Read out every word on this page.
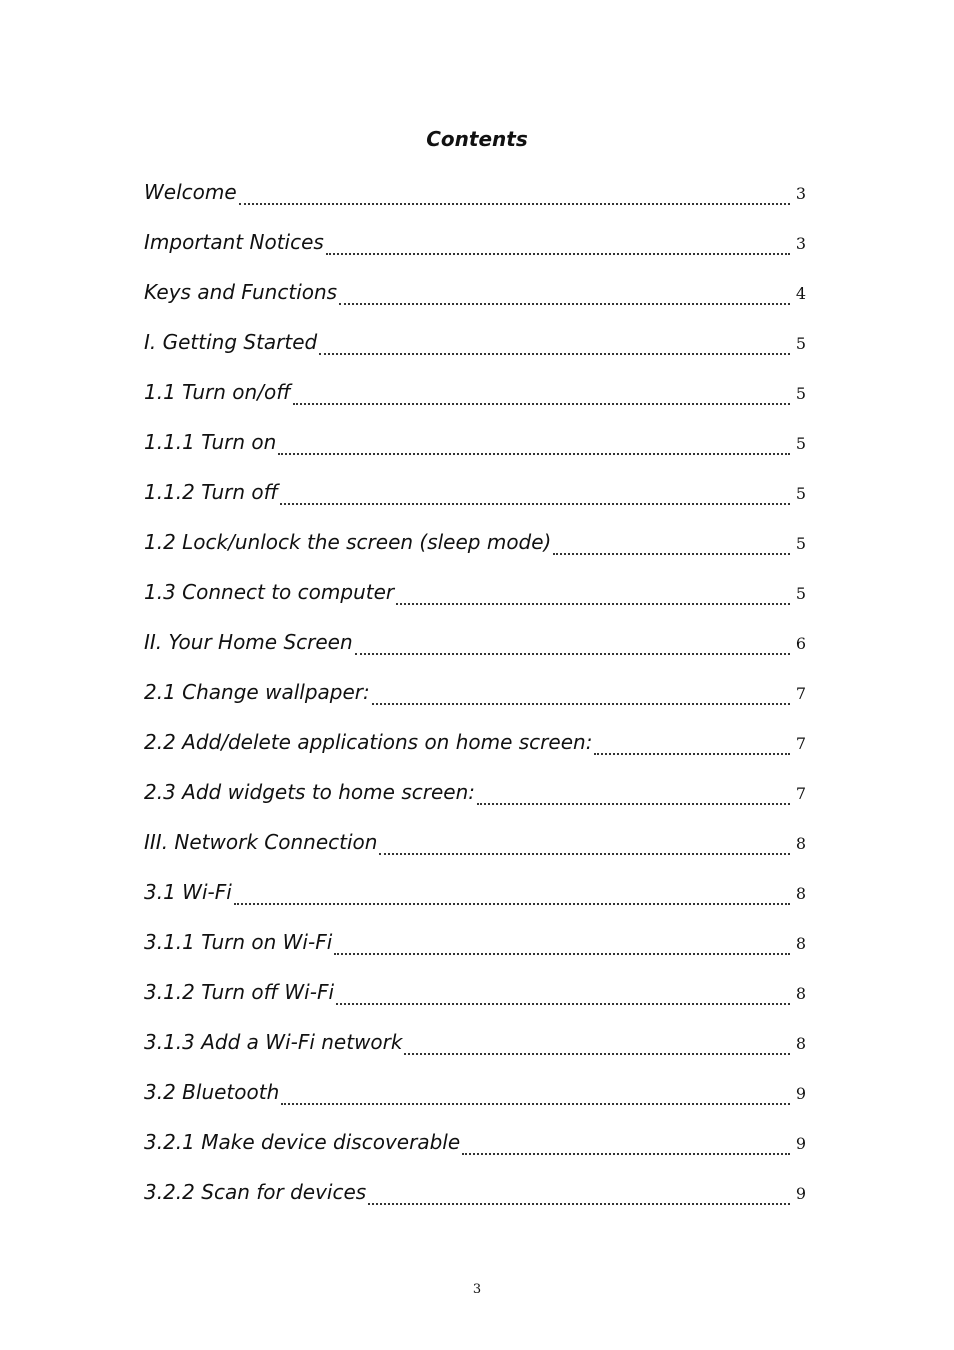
Contents
Welcome	3
Important Notices	3
Keys and Functions	4
I. Getting Started	5
1.1 Turn on/off	5
1.1.1 Turn on	5
1.1.2 Turn off	5
1.2 Lock/unlock the screen (sleep mode)	5
1.3 Connect to computer	5
II. Your Home Screen	6
2.1 Change wallpaper:	7
2.2 Add/delete applications on home screen:	7
2.3 Add widgets to home screen:	7
III. Network Connection	8
3.1 Wi-Fi	8
3.1.1 Turn on Wi-Fi	8
3.1.2 Turn off Wi-Fi	8
3.1.3 Add a Wi-Fi network	8
3.2 Bluetooth	9
3.2.1 Make device discoverable	9
3.2.2 Scan for devices	9
3
